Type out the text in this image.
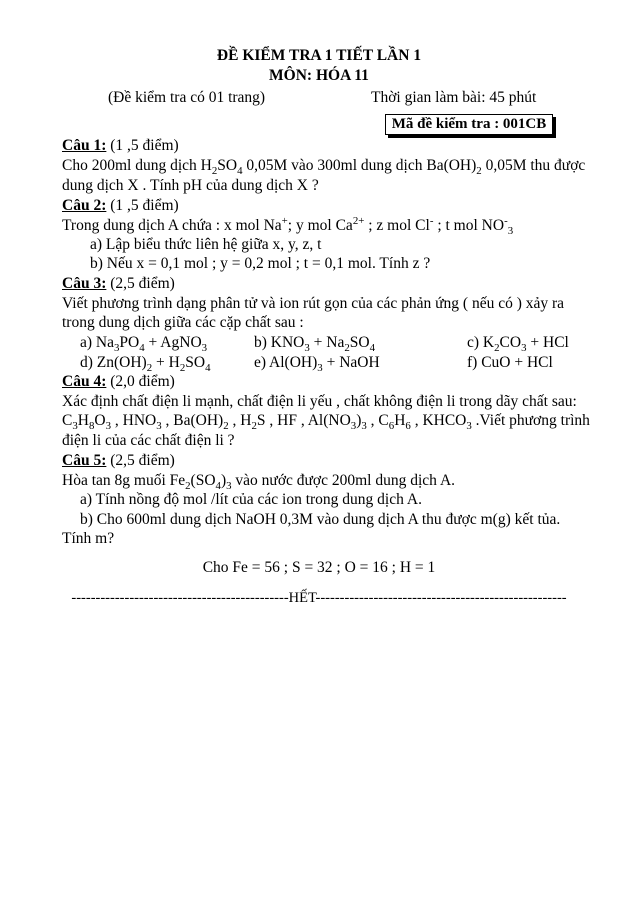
ĐỀ KIỂM TRA 1 TIẾT LẦN 1
MÔN: HÓA 11
(Đề kiểm tra có 01 trang)	Thời gian làm bài: 45 phút
Mã đề kiểm tra : 001CB
Câu 1: (1 ,5 điểm)
Cho 200ml dung dịch $H_2SO_4$ 0,05M vào 300ml dung dịch $Ba(OH)_2$ 0,05M thu được
dung dịch X . Tính pH của dung dịch X ?
Câu 2: (1 ,5 điểm)
Trong dung dịch A chứa : x mol Na+; y mol $Ca^{2+}$ ; z mol Cl- ; t mol $NO^-_3$
a) Lập biểu thức liên hệ giữa x, y, z, t
b) Nếu x = 0,1 mol ; y = 0,2 mol ; t = 0,1 mol. Tính z ?
Câu 3: (2,5 điểm)
Viết phương trình dạng phân tử và ion rút gọn của các phản ứng ( nếu có ) xảy ra
trong dung dịch giữa các cặp chất sau :
a) $Na_3PO_4$ + AgNO$_3$	b) $KNO_3 + Na_2SO_4$	c) $K_2CO_3$ + HCl
d) $Zn(OH)_2 + H_2SO_4$	e) $Al(OH)_3$ + NaOH	f) CuO + HCl
Câu 4: (2,0 điểm)
Xác định chất điện li mạnh, chất điện li yếu , chất không điện li trong dãy chất sau:
$C_3H_8O_3$ , $HNO_3$ , $Ba(OH)_2$ , $H_2S$ , HF , $Al(NO_3)_3$ , $C_6H_6$ , $KHCO_3$ .Viết phương trình
điện li của các chất điện li ?
Câu 5: (2,5 điểm)
Hòa tan 8g muối $Fe_2(SO_4)_3$ vào nước được 200ml dung dịch A.
a) Tính nồng độ mol /lít của các ion trong dung dịch A.
b) Cho 600ml dung dịch NaOH 0,3M vào dung dịch A thu được m(g) kết tủa.
Tính m?
Cho Fe = 56 ; S = 32 ; O = 16 ; H = 1
---------------------------------------------HẾT----------------------------------------------------
